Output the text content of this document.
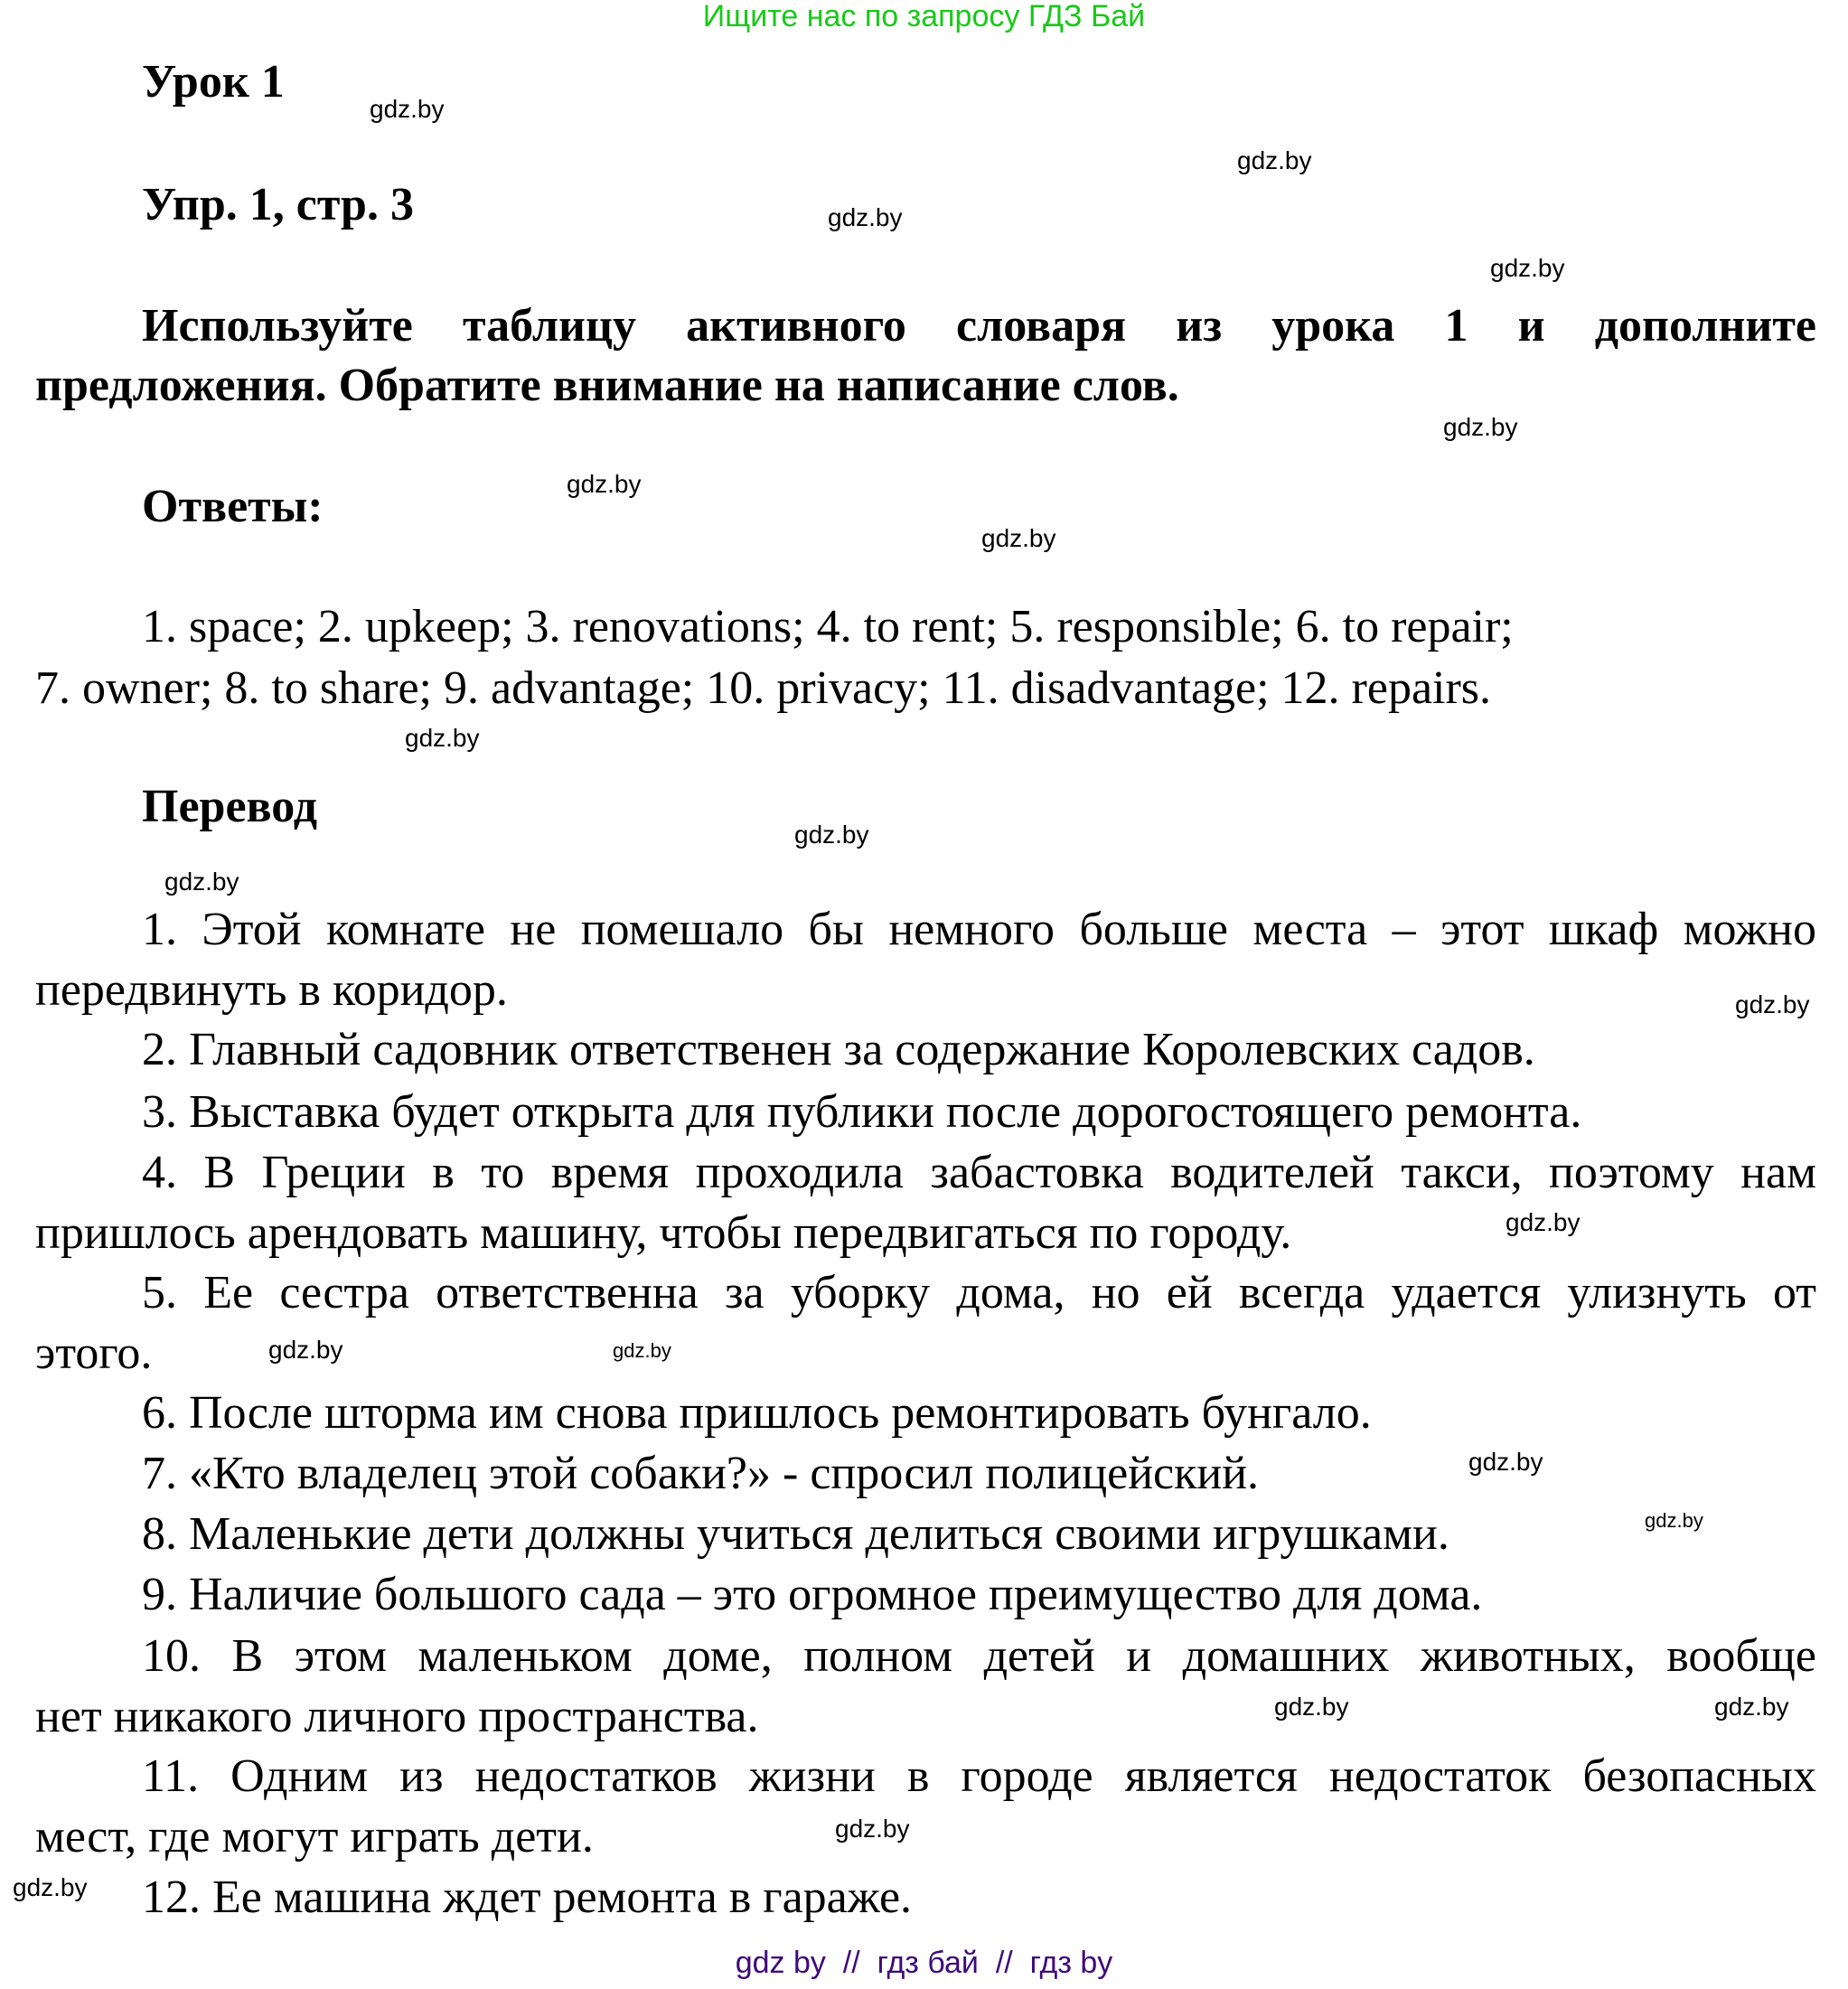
Ищите нас по запросу ГДЗ Бай
Урок 1
Упр. 1, стр. 3
Используйте таблицу активного словаря из урока 1 и дополните
предложения. Обратите внимание на написание слов.
Ответы:
1. space; 2. upkeep; 3. renovations; 4. to rent; 5. responsible; 6. to repair;
7. owner; 8. to share; 9. advantage; 10. privacy; 11. disadvantage; 12. repairs.
Перевод
1. Этой комнате не помешало бы немного больше места – этот шкаф можно
передвинуть в коридор.
2. Главный садовник ответственен за содержание Королевских садов.
3. Выставка будет открыта для публики после дорогостоящего ремонта.
4. В Греции в то время проходила забастовка водителей такси, поэтому нам
пришлось арендовать машину, чтобы передвигаться по городу.
5. Ее сестра ответственна за уборку дома, но ей всегда удается улизнуть от
этого.
6. После шторма им снова пришлось ремонтировать бунгало.
7. «Кто владелец этой собаки?» - спросил полицейский.
8. Маленькие дети должны учиться делиться своими игрушками.
9. Наличие большого сада – это огромное преимущество для дома.
10. В этом маленьком доме, полном детей и домашних животных, вообще
нет никакого личного пространства.
11. Одним из недостатков жизни в городе является недостаток безопасных
мест, где могут играть дети.
12. Ее машина ждет ремонта в гараже.
gdz.by
gdz.by
gdz.by
gdz.by
gdz.by
gdz.by
gdz.by
gdz.by
gdz.by
gdz.by
gdz.by
gdz.by
gdz.by
gdz.by
gdz.by
gdz.by
gdz.by	gdz.by
gdz.by
gdz.by
gdz by  //  гдз бай  //  гдз by
